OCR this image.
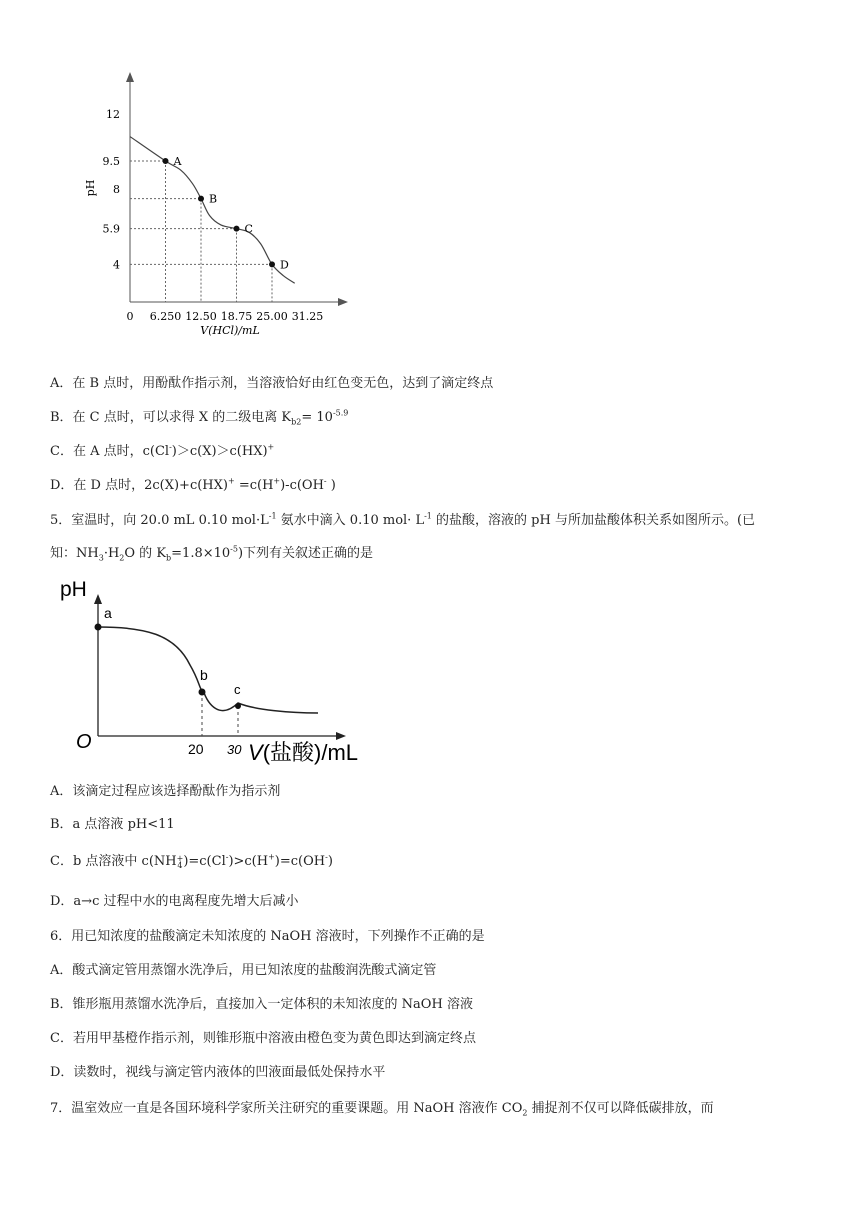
12
9.5
8
5.9
4
0 6.250 12.50 18.75 25.00 31.25
A
B
C
D
pH
V(HCl)/mL
A．在 B 点时，用酚酞作指示剂，当溶液恰好由红色变无色，达到了滴定终点
B．在 C 点时，可以求得 X 的二级电离 $K_{b2}= 10^{-5.9}$
C．在 A 点时，c(Cl-)＞c(X)＞c(HX)+
D．在 D 点时，2c(X)+c(HX)+ =c(H+)-c(OH- )
5．室温时，向 20.0 mL 0.10 $mol\cdot L^{-1}$ 氨水中滴入 0.10 $mol\cdot L^{-1}$ 的盐酸，溶液的 pH 与所加盐酸体积关系如图所示。(已
知：$NH_3\cdot H_2O$ 的 $K_b=1.8\times 10^{-5}$)下列有关叙述正确的是
pH
O
a
b
c
20 30 V(盐酸)/mL
A．该滴定过程应该选择酚酞作为指示剂
B．a 点溶液 pH<11
C．b 点溶液中 c(NH +
4 )=c(Cl-)>c(H+)=c(OH-)
D．a→c 过程中水的电离程度先增大后减小
6．用已知浓度的盐酸滴定未知浓度的 NaOH 溶液时，下列操作不正确的是
A．酸式滴定管用蒸馏水洗净后，用已知浓度的盐酸润洗酸式滴定管
B．锥形瓶用蒸馏水洗净后，直接加入一定体积的未知浓度的 NaOH 溶液
C．若用甲基橙作指示剂，则锥形瓶中溶液由橙色变为黄色即达到滴定终点
D．读数时，视线与滴定管内液体的凹液面最低处保持水平
7．温室效应一直是各国环境科学家所关注研究的重要课题。用 NaOH 溶液作 $CO_2$ 捕捉剂不仅可以降低碳排放，而
